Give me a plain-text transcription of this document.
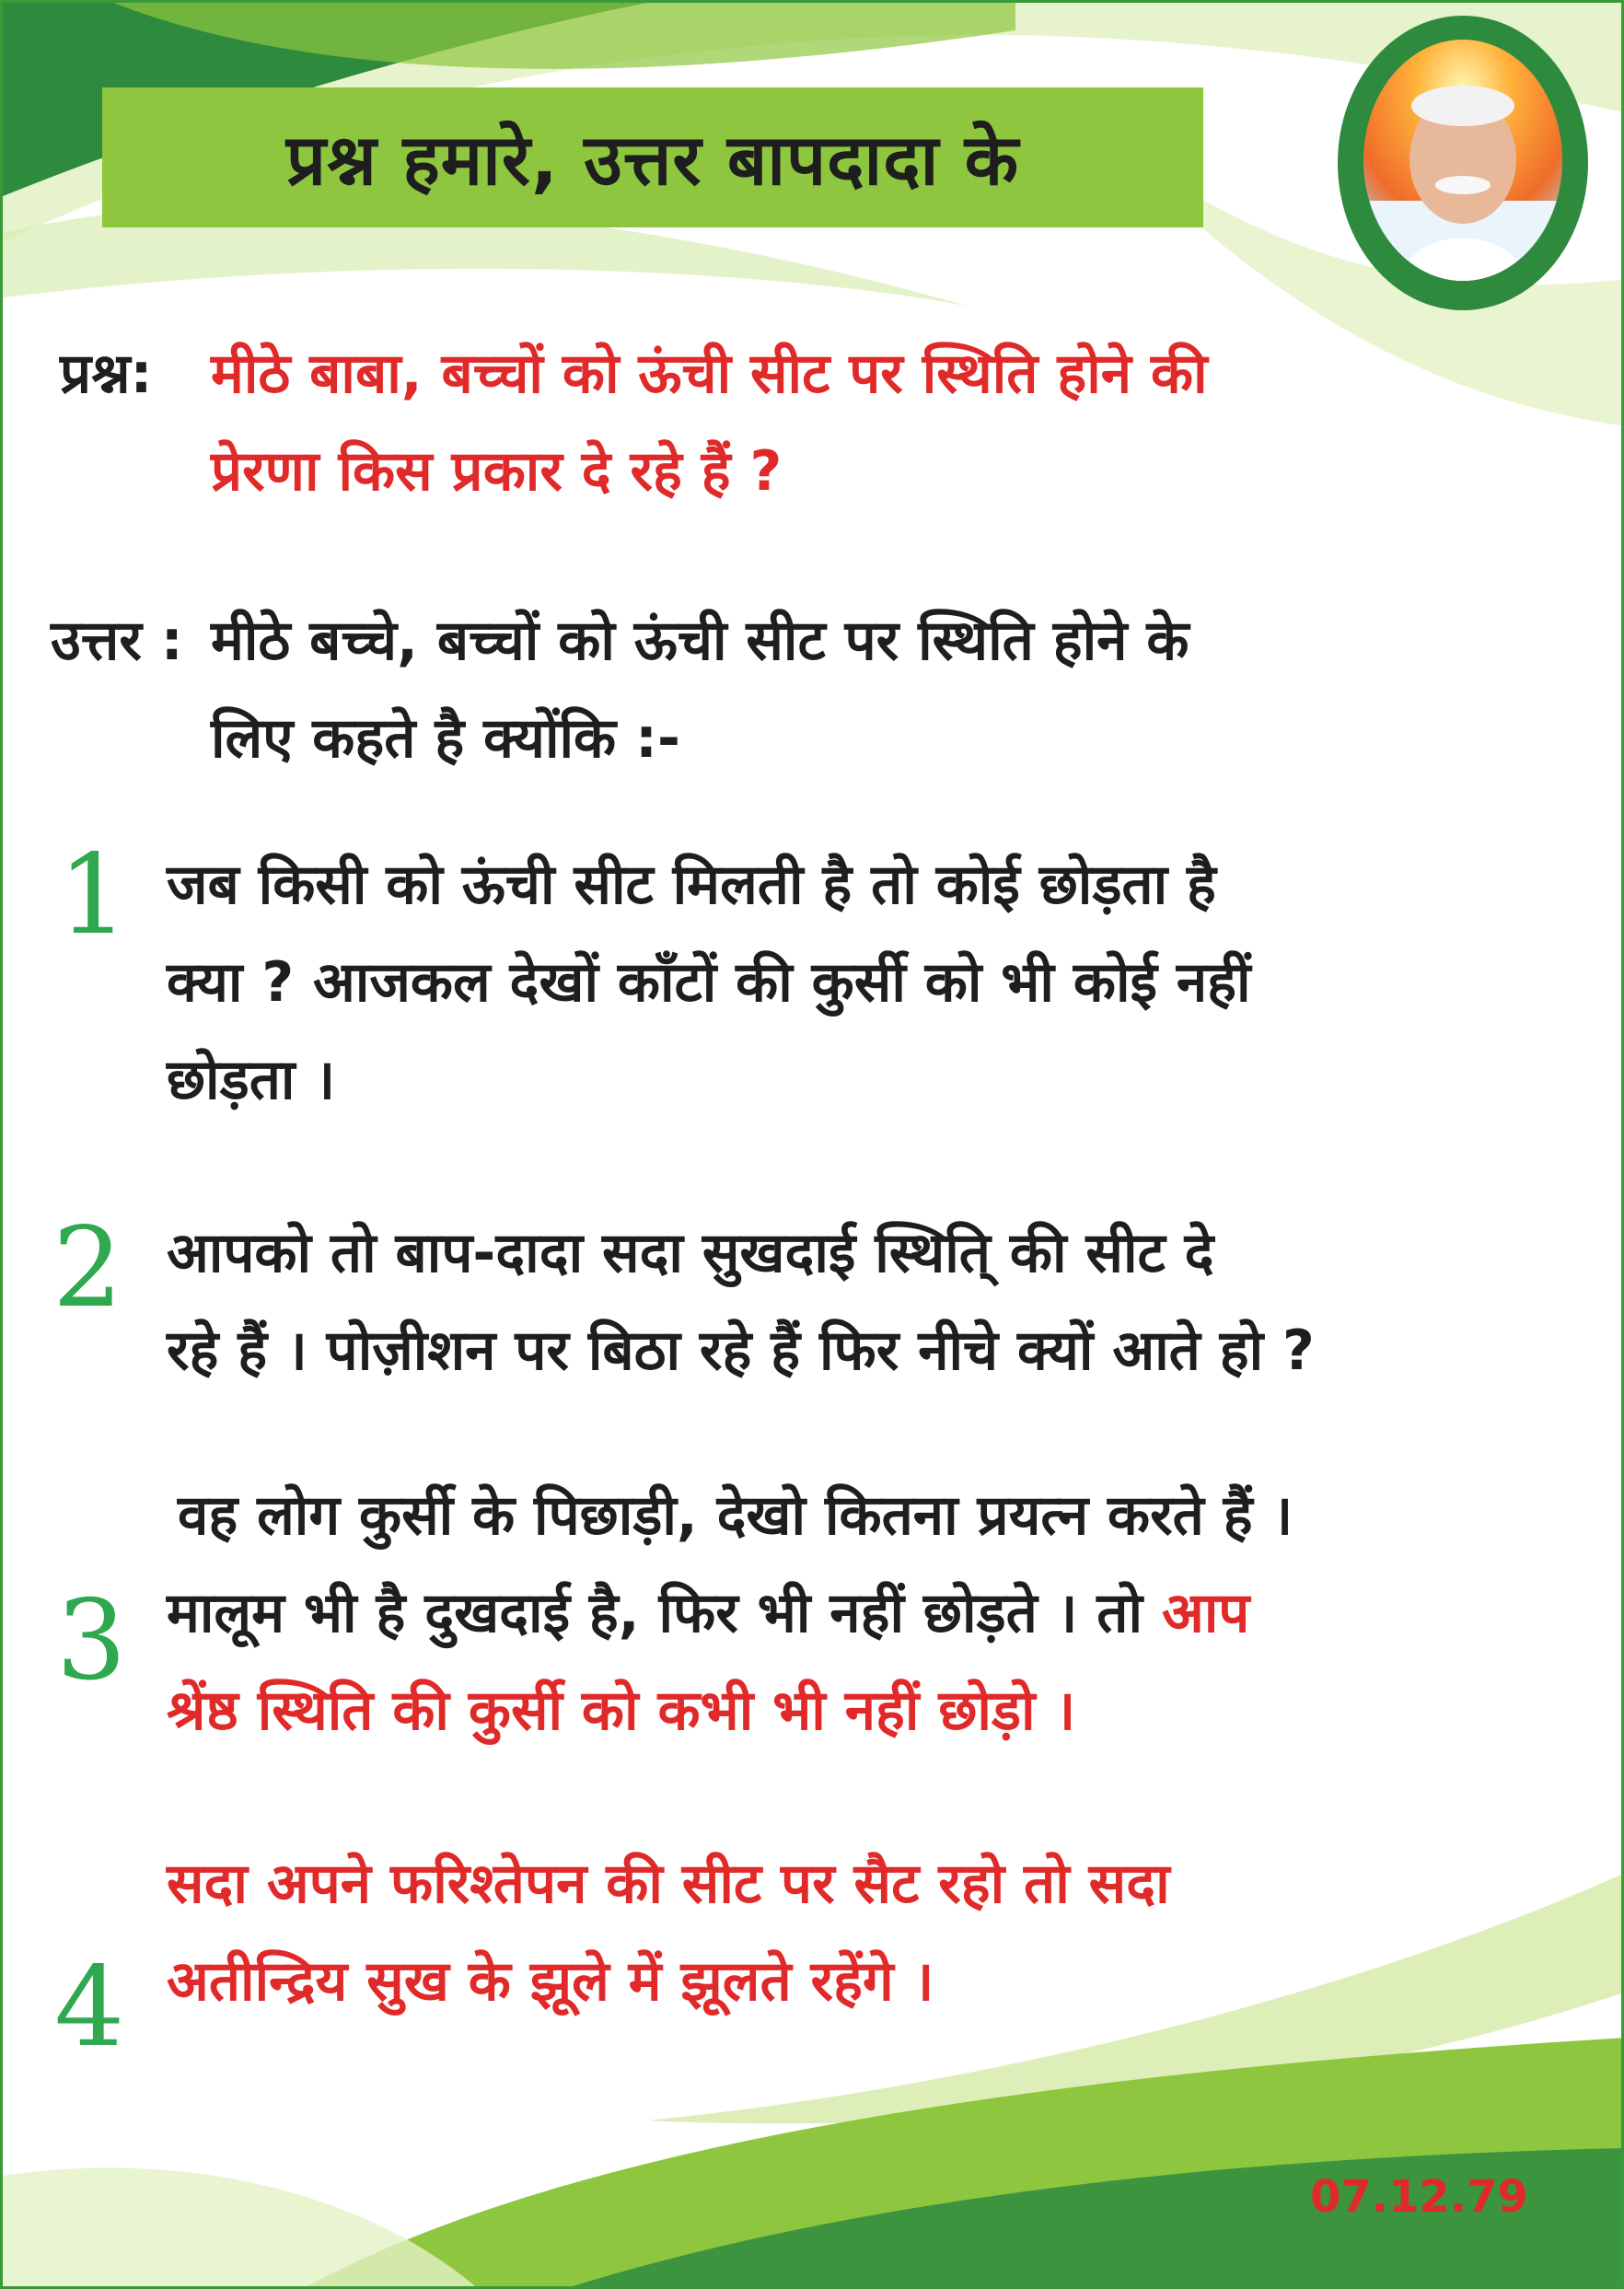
प्रश्न हमारे, उत्तर बापदादा के
प्रश्न: मीठे बाबा, बच्चों को ऊंची सीट पर स्थिति होने की
प्रेरणा किस प्रकार दे रहे हैं ?
उत्तर : मीठे बच्चे, बच्चों को ऊंची सीट पर स्थिति होने के
लिए कहते है क्योंकि :-
1 जब किसी को ऊंची सीट मिलती है तो कोई छोड़ता है
क्या ? आजकल देखों काँटों की कुर्सी को भी कोई नहीं
छोड़ता ।
2 आपको तो बाप-दादा सदा सुखदाई स्थिति् की सीट दे
रहे हैं । पोज़ीशन पर बिठा रहे हैं फिर नीचे क्यों आते हो ?
3
वह लोग कुर्सी के पिछाड़ी, देखो कितना प्रयत्न करते हैं ।
मालूम भी है दुखदाई है, फिर भी नहीं छोड़ते । तो आप
श्रेंष्ठ स्थिति की कुर्सी को कभी भी नहीं छोड़ो ।
4
सदा अपने फरिश्तेपन की सीट पर सैट रहो तो सदा
अतीन्द्रिय सुख के झूले में झूलते रहेंगे ।
07.12.79
